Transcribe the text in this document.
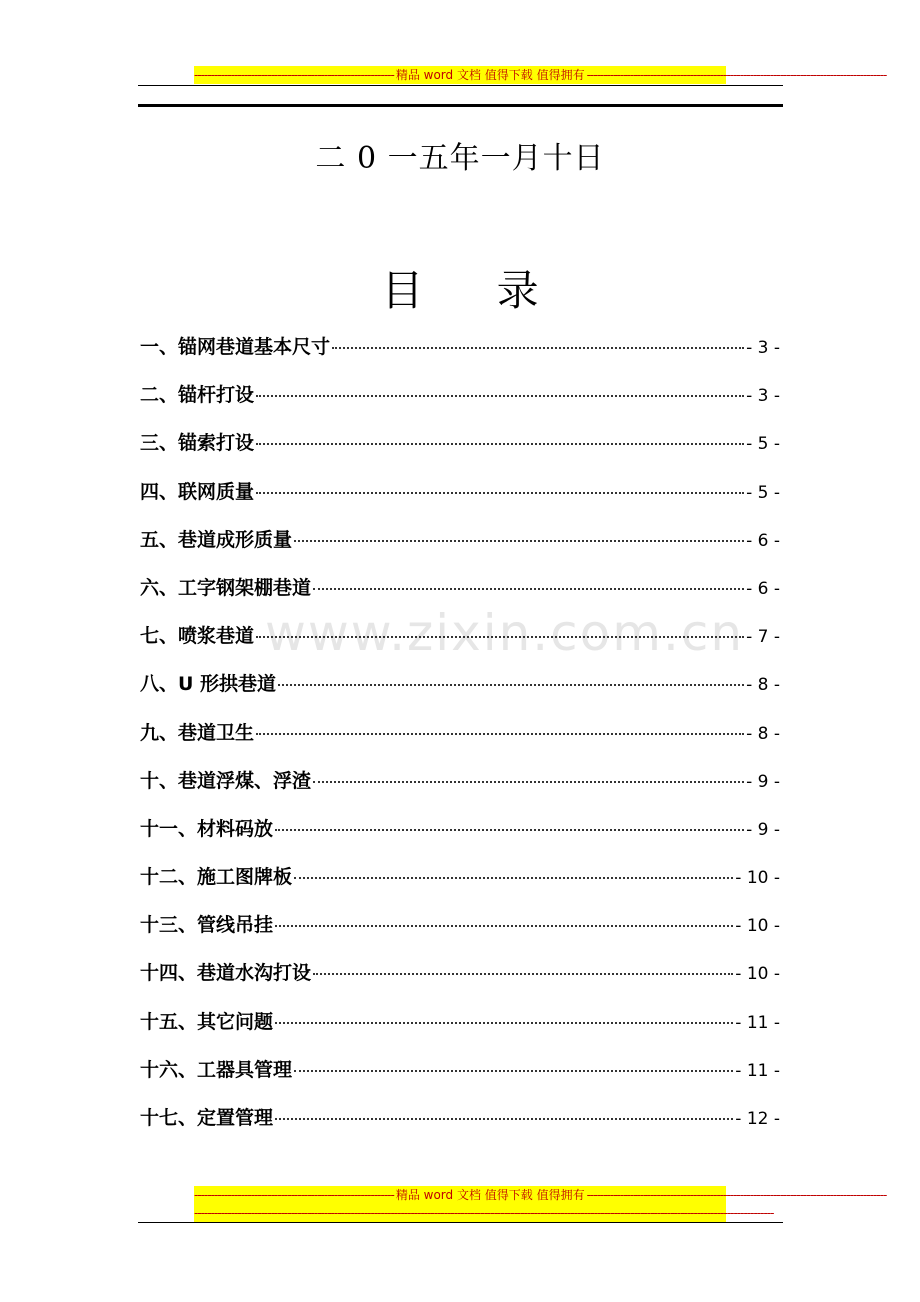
------------------------------------------------------------ 精品 word 文档 值得下载 值得拥有 ------------------------------------------------------------------------------------------
二 0 一五年一月十日
目 录
www.zixin.com.cn
一、锚网巷道基本尺寸	- 3 -
二、锚杆打设	- 3 -
三、锚索打设	- 5 -
四、联网质量	- 5 -
五、巷道成形质量	- 6 -
六、工字钢架棚巷道	- 6 -
七、喷浆巷道	- 7 -
八、U 形拱巷道	- 8 -
九、巷道卫生	- 8 -
十、巷道浮煤、浮渣	- 9 -
十一、材料码放	- 9 -
十二、施工图牌板	- 10 -
十三、管线吊挂	- 10 -
十四、巷道水沟打设	- 10 -
十五、其它问题	- 11 -
十六、工器具管理	- 11 -
十七、定置管理	- 12 -
------------------------------------------------------------ 精品 word 文档 值得下载 值得拥有 ------------------------------------------------------------------------------------------
------------------------------------------------------------------------------------------------------------------------------------------------------------------------------
